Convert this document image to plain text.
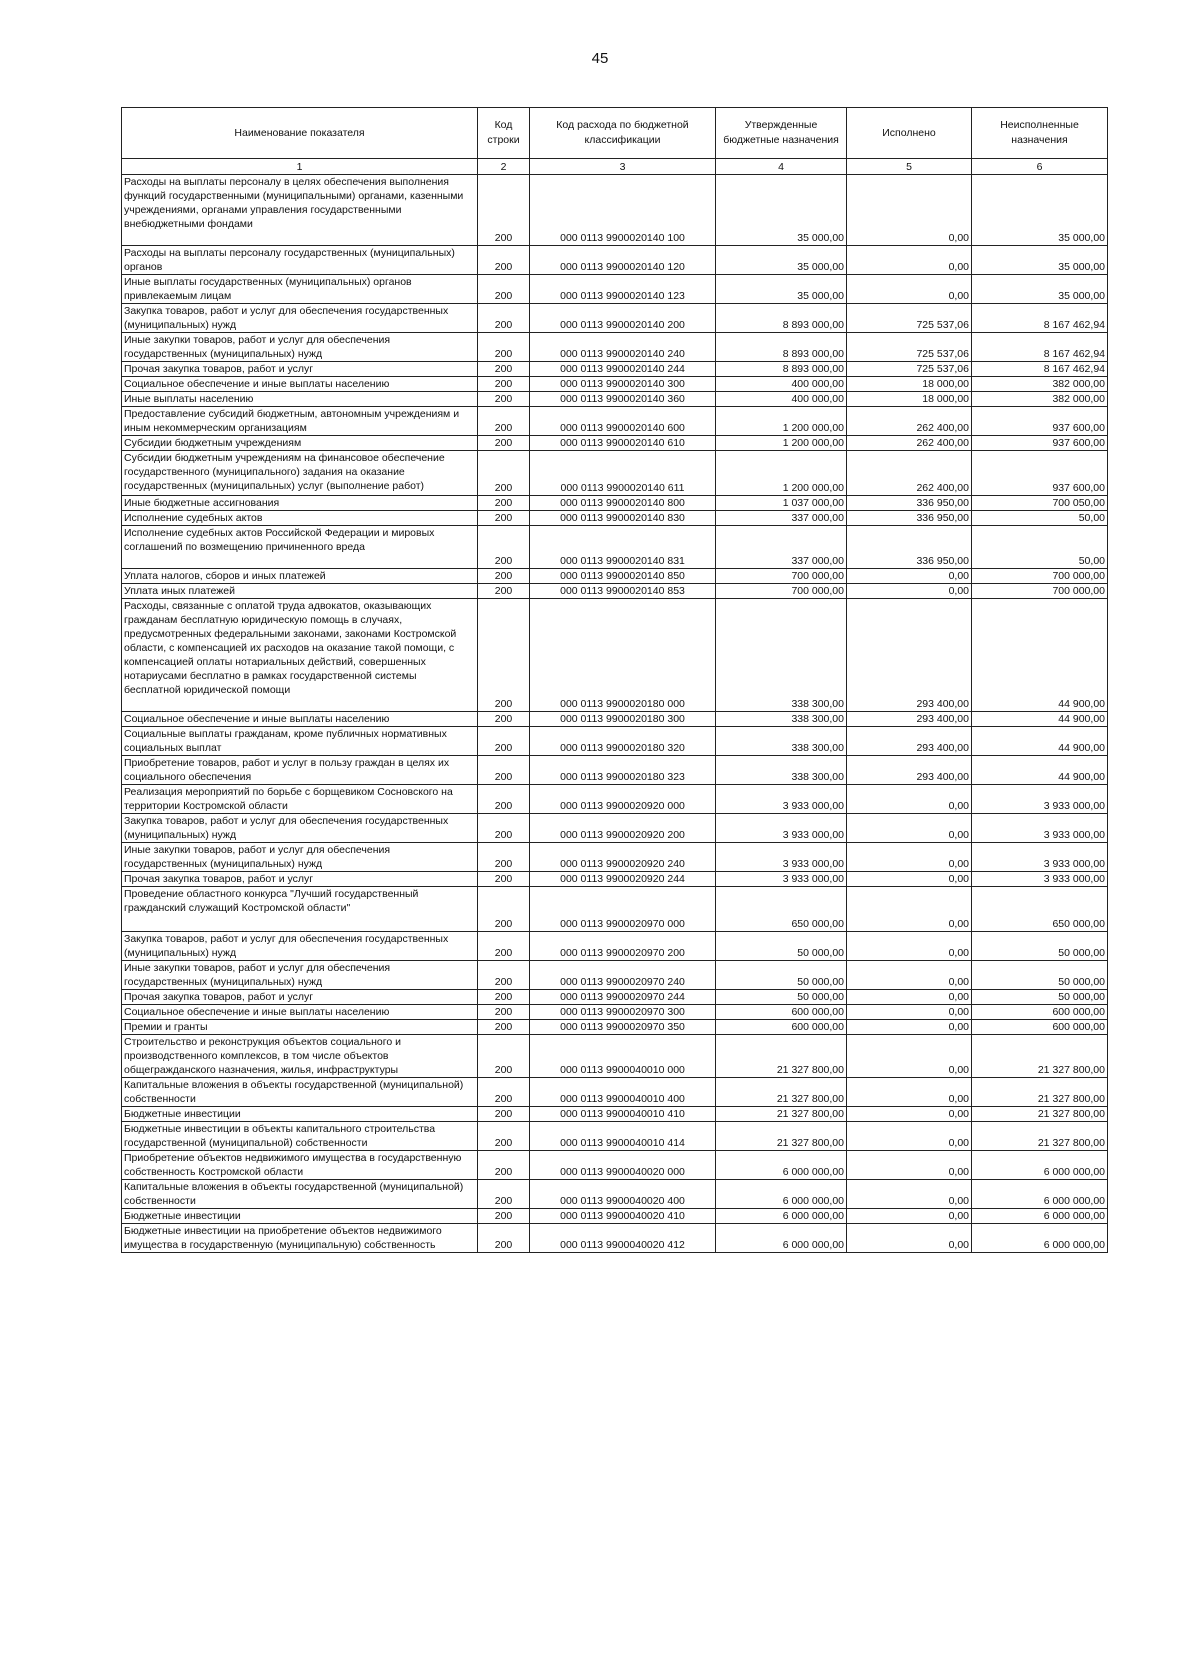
45
Наименование показателя	Код строки	Код расхода по бюджетной классификации	Утвержденные бюджетные назначения	Исполнено	Неисполненные назначения
1	2	3	4	5	6
Расходы на выплаты персоналу в целях обеспечения выполнения функций государственными (муниципальными) органами, казенными учреждениями, органами управления государственными внебюджетными фондами	200	000 0113 9900020140 100	35 000,00	0,00	35 000,00
Расходы на выплаты персоналу государственных (муниципальных) органов	200	000 0113 9900020140 120	35 000,00	0,00	35 000,00
Иные выплаты государственных (муниципальных) органов привлекаемым лицам	200	000 0113 9900020140 123	35 000,00	0,00	35 000,00
Закупка товаров, работ и услуг для обеспечения государственных (муниципальных) нужд	200	000 0113 9900020140 200	8 893 000,00	725 537,06	8 167 462,94
Иные закупки товаров, работ и услуг для обеспечения государственных (муниципальных) нужд	200	000 0113 9900020140 240	8 893 000,00	725 537,06	8 167 462,94
Прочая закупка товаров, работ и услуг	200	000 0113 9900020140 244	8 893 000,00	725 537,06	8 167 462,94
Социальное обеспечение и иные выплаты населению	200	000 0113 9900020140 300	400 000,00	18 000,00	382 000,00
Иные выплаты населению	200	000 0113 9900020140 360	400 000,00	18 000,00	382 000,00
Предоставление субсидий бюджетным, автономным учреждениям и иным некоммерческим организациям	200	000 0113 9900020140 600	1 200 000,00	262 400,00	937 600,00
Субсидии бюджетным учреждениям	200	000 0113 9900020140 610	1 200 000,00	262 400,00	937 600,00
Субсидии бюджетным учреждениям на финансовое обеспечение государственного (муниципального) задания на оказание государственных (муниципальных) услуг (выполнение работ)	200	000 0113 9900020140 611	1 200 000,00	262 400,00	937 600,00
Иные бюджетные ассигнования	200	000 0113 9900020140 800	1 037 000,00	336 950,00	700 050,00
Исполнение судебных актов	200	000 0113 9900020140 830	337 000,00	336 950,00	50,00
Исполнение судебных актов Российской Федерации и мировых соглашений по возмещению причиненного вреда	200	000 0113 9900020140 831	337 000,00	336 950,00	50,00
Уплата налогов, сборов и иных платежей	200	000 0113 9900020140 850	700 000,00	0,00	700 000,00
Уплата иных платежей	200	000 0113 9900020140 853	700 000,00	0,00	700 000,00
Расходы, связанные с оплатой труда адвокатов, оказывающих гражданам бесплатную юридическую помощь в случаях, предусмотренных федеральными законами, законами Костромской области, с компенсацией их расходов на оказание такой помощи, с компенсацией оплаты нотариальных действий, совершенных нотариусами бесплатно в рамках государственной системы бесплатной юридической помощи	200	000 0113 9900020180 000	338 300,00	293 400,00	44 900,00
Социальное обеспечение и иные выплаты населению	200	000 0113 9900020180 300	338 300,00	293 400,00	44 900,00
Социальные выплаты гражданам, кроме публичных нормативных социальных выплат	200	000 0113 9900020180 320	338 300,00	293 400,00	44 900,00
Приобретение товаров, работ и услуг в пользу граждан в целях их социального обеспечения	200	000 0113 9900020180 323	338 300,00	293 400,00	44 900,00
Реализация мероприятий по борьбе с борщевиком Сосновского на территории Костромской области	200	000 0113 9900020920 000	3 933 000,00	0,00	3 933 000,00
Закупка товаров, работ и услуг для обеспечения государственных (муниципальных) нужд	200	000 0113 9900020920 200	3 933 000,00	0,00	3 933 000,00
Иные закупки товаров, работ и услуг для обеспечения государственных (муниципальных) нужд	200	000 0113 9900020920 240	3 933 000,00	0,00	3 933 000,00
Прочая закупка товаров, работ и услуг	200	000 0113 9900020920 244	3 933 000,00	0,00	3 933 000,00
Проведение областного конкурса "Лучший государственный гражданский служащий Костромской области"	200	000 0113 9900020970 000	650 000,00	0,00	650 000,00
Закупка товаров, работ и услуг для обеспечения государственных (муниципальных) нужд	200	000 0113 9900020970 200	50 000,00	0,00	50 000,00
Иные закупки товаров, работ и услуг для обеспечения государственных (муниципальных) нужд	200	000 0113 9900020970 240	50 000,00	0,00	50 000,00
Прочая закупка товаров, работ и услуг	200	000 0113 9900020970 244	50 000,00	0,00	50 000,00
Социальное обеспечение и иные выплаты населению	200	000 0113 9900020970 300	600 000,00	0,00	600 000,00
Премии и гранты	200	000 0113 9900020970 350	600 000,00	0,00	600 000,00
Строительство и реконструкция объектов социального и производственного комплексов, в том числе объектов общегражданского назначения, жилья, инфраструктуры	200	000 0113 9900040010 000	21 327 800,00	0,00	21 327 800,00
Капитальные вложения в объекты государственной (муниципальной) собственности	200	000 0113 9900040010 400	21 327 800,00	0,00	21 327 800,00
Бюджетные инвестиции	200	000 0113 9900040010 410	21 327 800,00	0,00	21 327 800,00
Бюджетные инвестиции в объекты капитального строительства государственной (муниципальной) собственности	200	000 0113 9900040010 414	21 327 800,00	0,00	21 327 800,00
Приобретение объектов недвижимого имущества в государственную собственность Костромской области	200	000 0113 9900040020 000	6 000 000,00	0,00	6 000 000,00
Капитальные вложения в объекты государственной (муниципальной) собственности	200	000 0113 9900040020 400	6 000 000,00	0,00	6 000 000,00
Бюджетные инвестиции	200	000 0113 9900040020 410	6 000 000,00	0,00	6 000 000,00
Бюджетные инвестиции на приобретение объектов недвижимого имущества в государственную (муниципальную) собственность	200	000 0113 9900040020 412	6 000 000,00	0,00	6 000 000,00
